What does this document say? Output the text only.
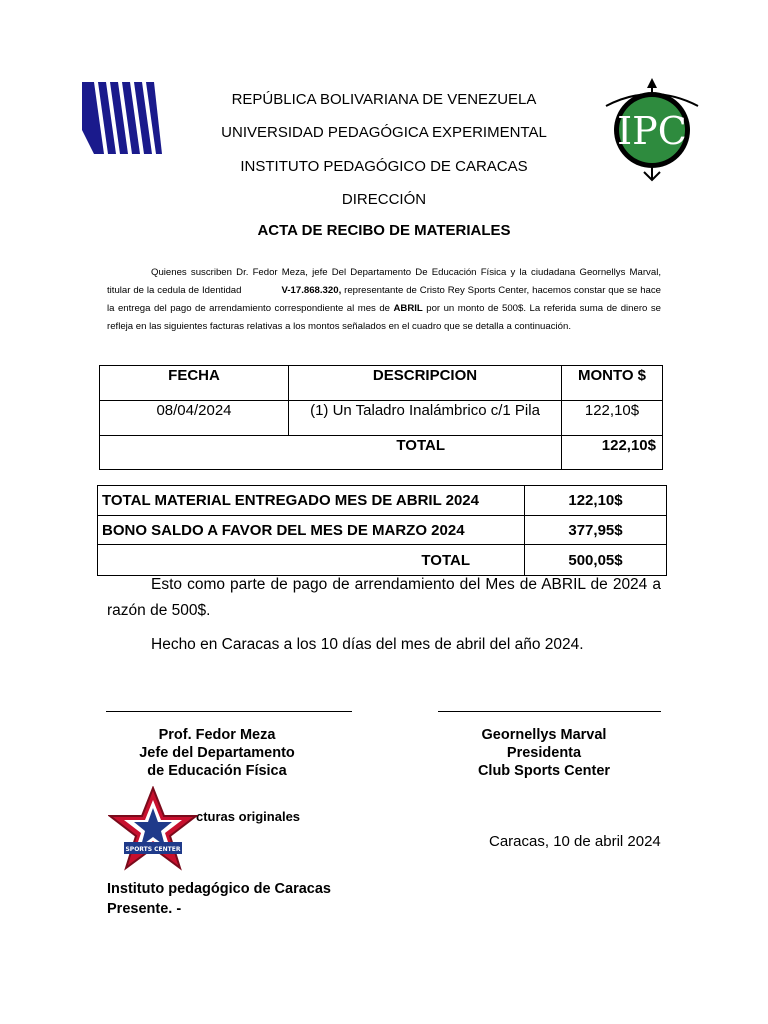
IPC
REPÚBLICA BOLIVARIANA DE VENEZUELA
UNIVERSIDAD PEDAGÓGICA EXPERIMENTAL
INSTITUTO PEDAGÓGICO DE CARACAS
DIRECCIÓN
ACTA DE RECIBO DE MATERIALES

Quienes suscriben Dr. Fedor Meza, jefe Del Departamento De Educación Física y la ciudadana Geornellys Marval, titular de la cedula de Identidad	V-17.868.320, representante de Cristo Rey Sports Center, hacemos constar que se hace la entrega del pago de arrendamiento correspondiente al mes de ABRIL por un monto de 500$. La referida suma de dinero se refleja en las siguientes facturas relativas a los montos señalados en el cuadro que se detalla a continuación.

FECHA	DESCRIPCION	MONTO $
08/04/2024	(1) Un Taladro Inalámbrico c/1 Pila	122,10$
TOTAL		122,10$
TOTAL MATERIAL ENTREGADO MES DE ABRIL 2024	122,10$
BONO SALDO A FAVOR DEL MES DE MARZO 2024	377,95$
TOTAL	500,05$

Esto como parte de pago de arrendamiento del Mes de ABRIL de 2024 a razón de 500$.

Hecho en Caracas a los 10 días del mes de abril del año 2024.

Prof. Fedor Meza
Jefe del Departamento
de Educación Física
Geornellys Marval
Presidenta
Club Sports Center
cturas originales
SPORTS CENTER	Caracas, 10 de abril 2024
Instituto pedagógico de Caracas
Presente. -
